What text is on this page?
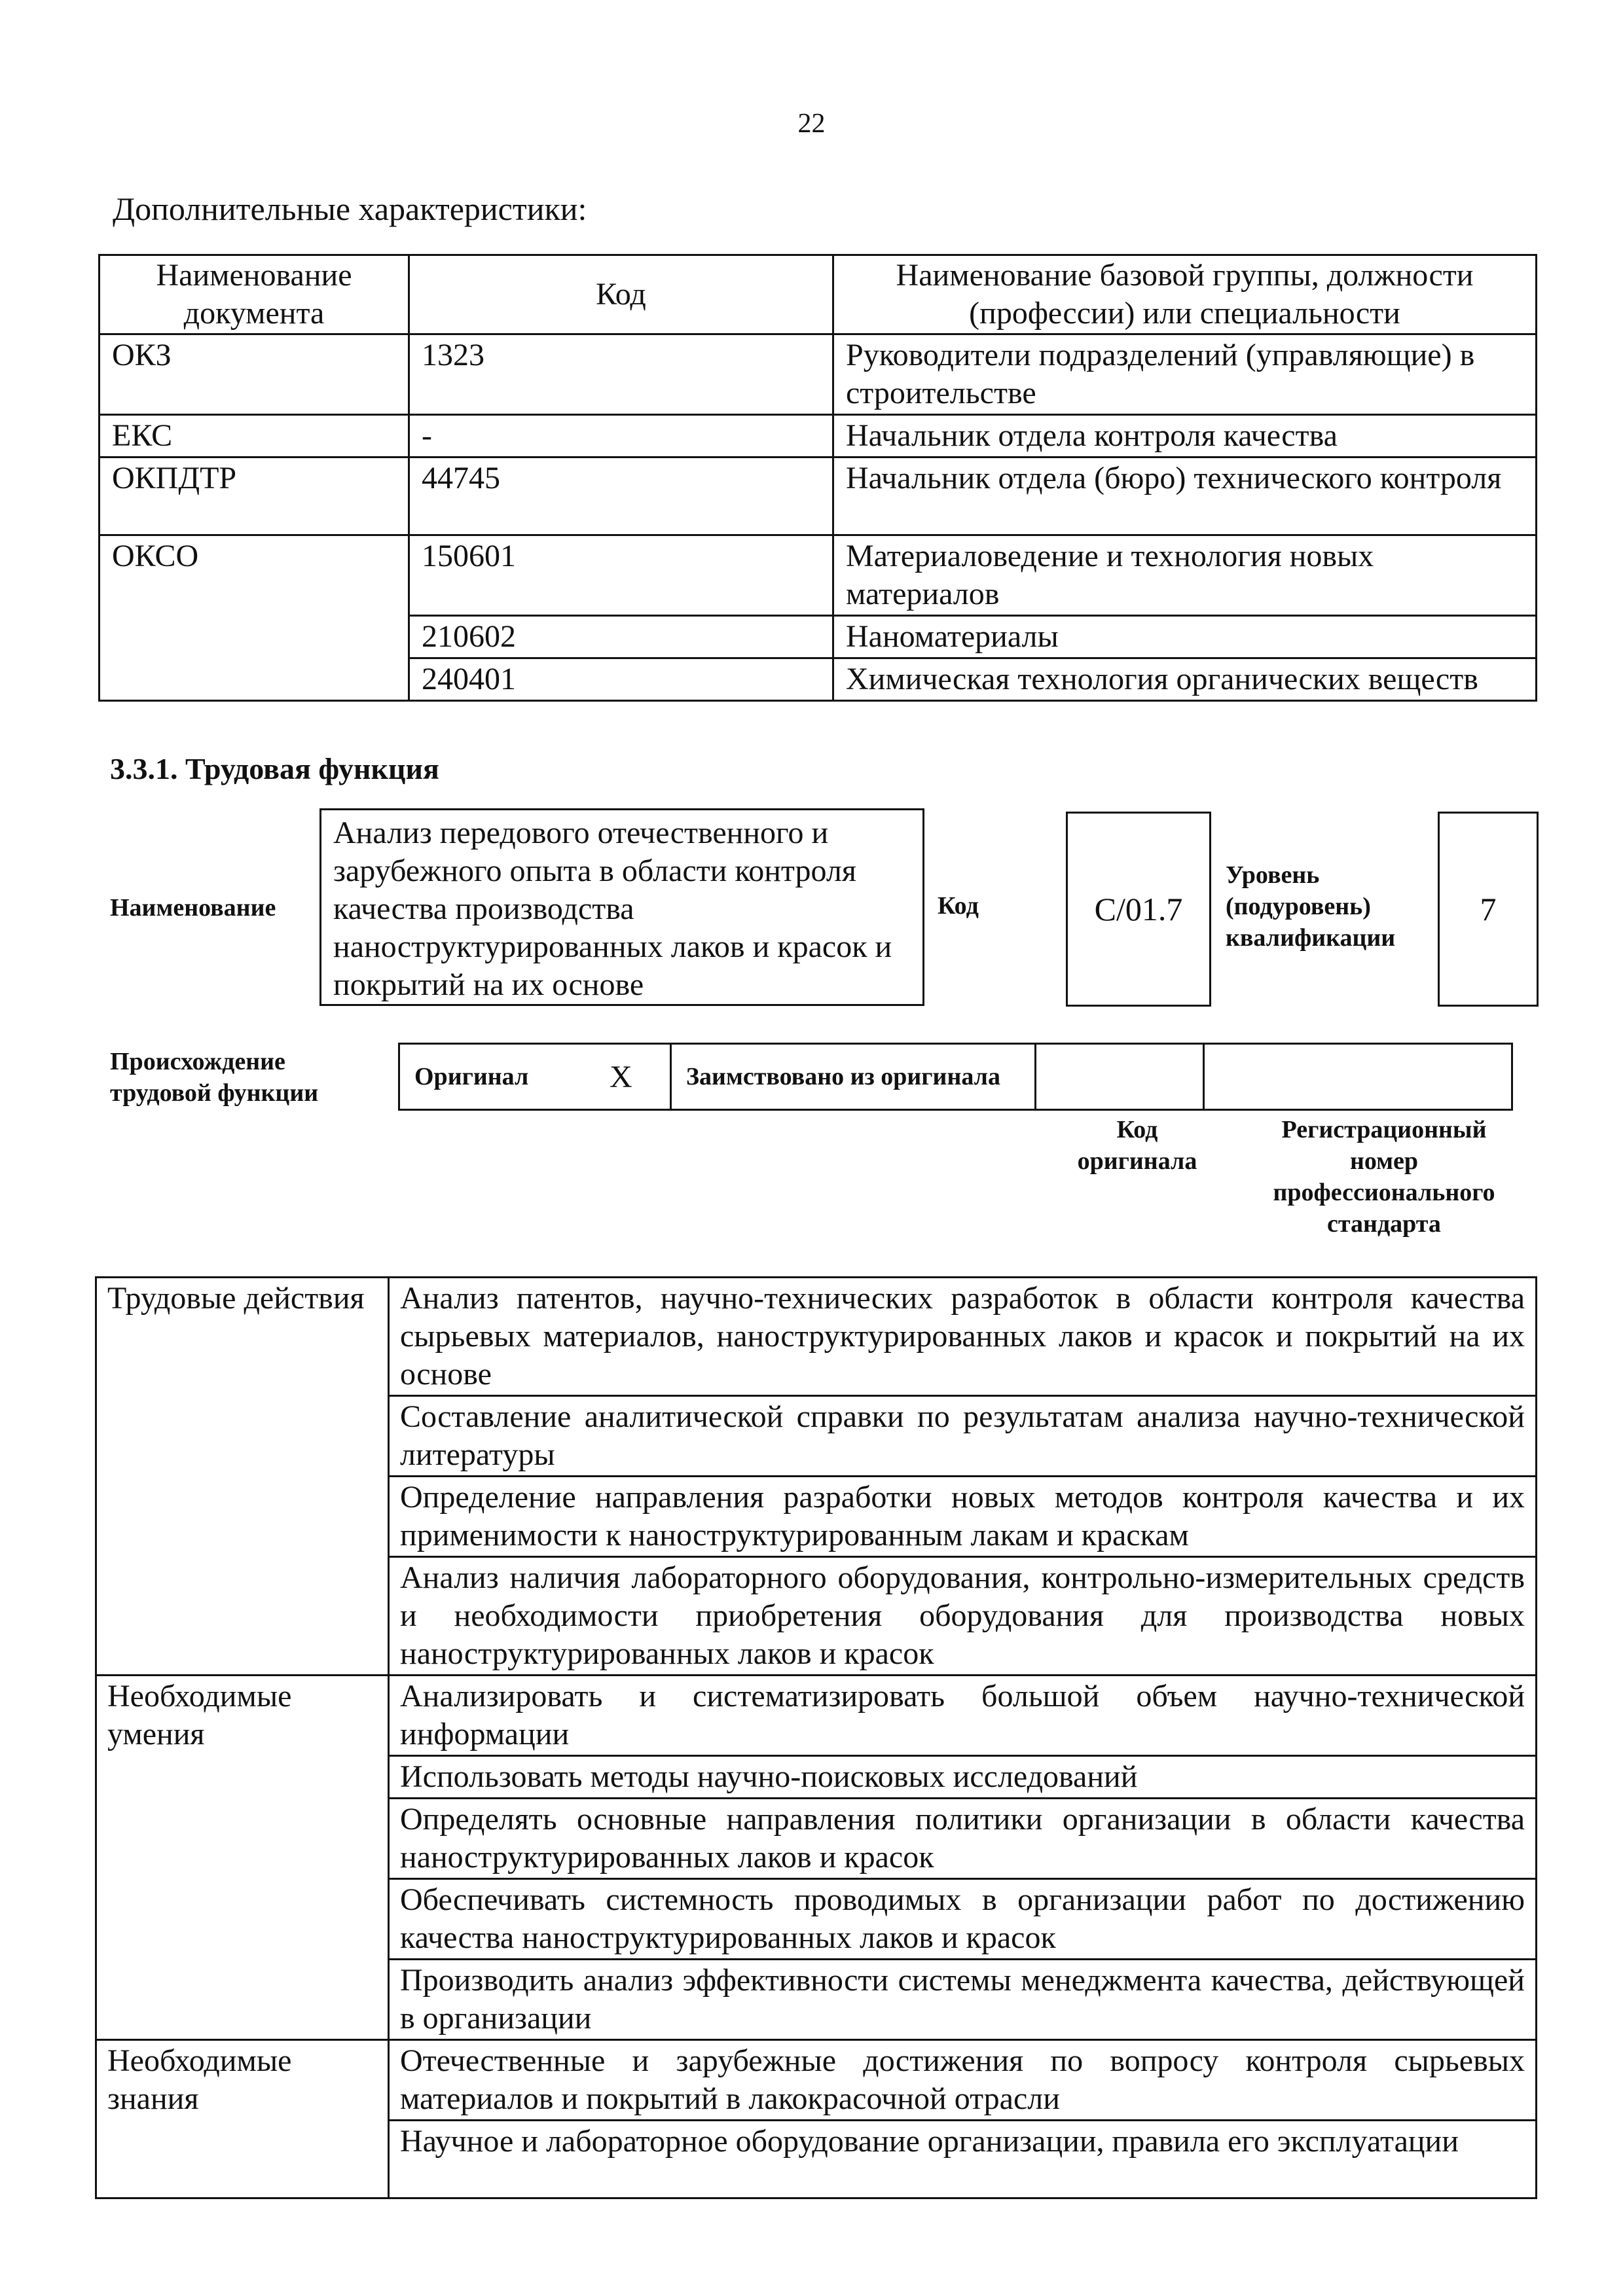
22
Дополнительные характеристики:
Наименование документа	Код	Наименование базовой группы, должности (профессии) или специальности
ОКЗ	1323	Руководители подразделений (управляющие) в строительстве
ЕКС	-	Начальник отдела контроля качества
ОКПДТР	44745	Начальник отдела (бюро) технического контроля
ОКСО	150601	Материаловедение и технология новых материалов
	210602	Наноматериалы
	240401	Химическая технология органических веществ
3.3.1. Трудовая функция
Наименование
Анализ передового отечественного и зарубежного опыта в области контроля качества производства наноструктурированных лаков и красок и покрытий на их основе
Код	C/01.7
Уровень
(подуровень)
квалификации
7
Происхождение
трудовой функции
Оригинал	X	Заимствовано из оригинала		
Код
оригинала
Регистрационный
номер
профессионального
стандарта
Трудовые действия	Анализ патентов, научно-технических разработок в области контроля качества сырьевых материалов, наноструктурированных лаков и красок и покрытий на их основе
	Составление аналитической справки по результатам анализа научно-технической литературы
	Определение направления разработки новых методов контроля качества и их применимости к наноструктурированным лакам и краскам
	Анализ наличия лабораторного оборудования, контрольно-измерительных средств и необходимости приобретения оборудования для производства новых наноструктурированных лаков и красок

Необходимые
умения	Анализировать и систематизировать большой объем научно-технической информации
	Использовать методы научно-поисковых исследований
	Определять основные направления политики организации в области качества наноструктурированных лаков и красок
	Обеспечивать системность проводимых в организации работ по достижению качества наноструктурированных лаков и красок
	Производить анализ эффективности системы менеджмента качества, действующей в организации

Необходимые
знания	Отечественные и зарубежные достижения по вопросу контроля сырьевых материалов и покрытий в лакокрасочной отрасли
	Научное и лабораторное оборудование организации, правила его эксплуатации
